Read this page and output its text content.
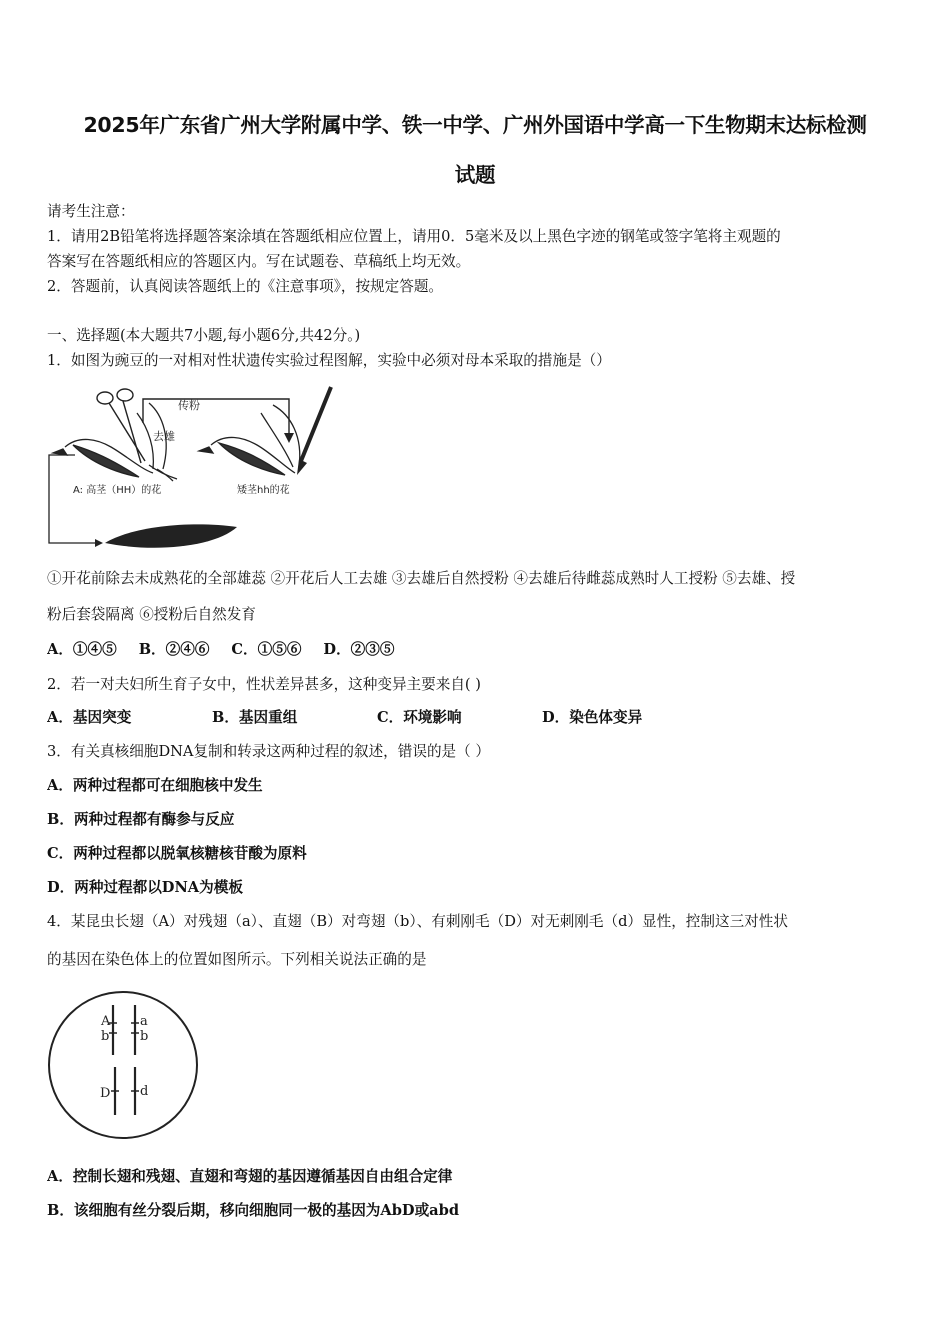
2025年广东省广州大学附属中学、铁一中学、广州外国语中学高一下生物期末达标检测
试题
请考生注意：
1．请用2B铅笔将选择题答案涂填在答题纸相应位置上，请用0．5毫米及以上黑色字迹的钢笔或签字笔将主观题的
答案写在答题纸相应的答题区内。写在试题卷、草稿纸上均无效。
2．答题前，认真阅读答题纸上的《注意事项》，按规定答题。
一、选择题(本大题共7小题,每小题6分,共42分。)
1．如图为豌豆的一对相对性状遗传实验过程图解，实验中必须对母本采取的措施是（）
传粉
去雄
A: 高茎（HH）的花	矮茎hh的花
①开花前除去未成熟花的全部雄蕊 ②开花后人工去雄 ③去雄后自然授粉 ④去雄后待雌蕊成熟时人工授粉 ⑤去雄、授
粉后套袋隔离 ⑥授粉后自然发育
A．①④⑤ B．②④⑥ C．①⑤⑥ D．②③⑤
2．若一对夫妇所生育子女中，性状差异甚多，这种变异主要来自( )
A．基因突变	B．基因重组	C．环境影响	D．染色体变异
3．有关真核细胞DNA复制和转录这两种过程的叙述，错误的是（ ）
A．两种过程都可在细胞核中发生
B．两种过程都有酶参与反应
C．两种过程都以脱氧核糖核苷酸为原料
D．两种过程都以DNA为模板
4．某昆虫长翅（A）对残翅（a）、直翅（B）对弯翅（b）、有刺刚毛（D）对无刺刚毛（d）显性，控制这三对性状
的基因在染色体上的位置如图所示。下列相关说法正确的是
A
b
a
b
D d
A．控制长翅和残翅、直翅和弯翅的基因遵循基因自由组合定律
B．该细胞有丝分裂后期，移向细胞同一极的基因为AbD或abd
